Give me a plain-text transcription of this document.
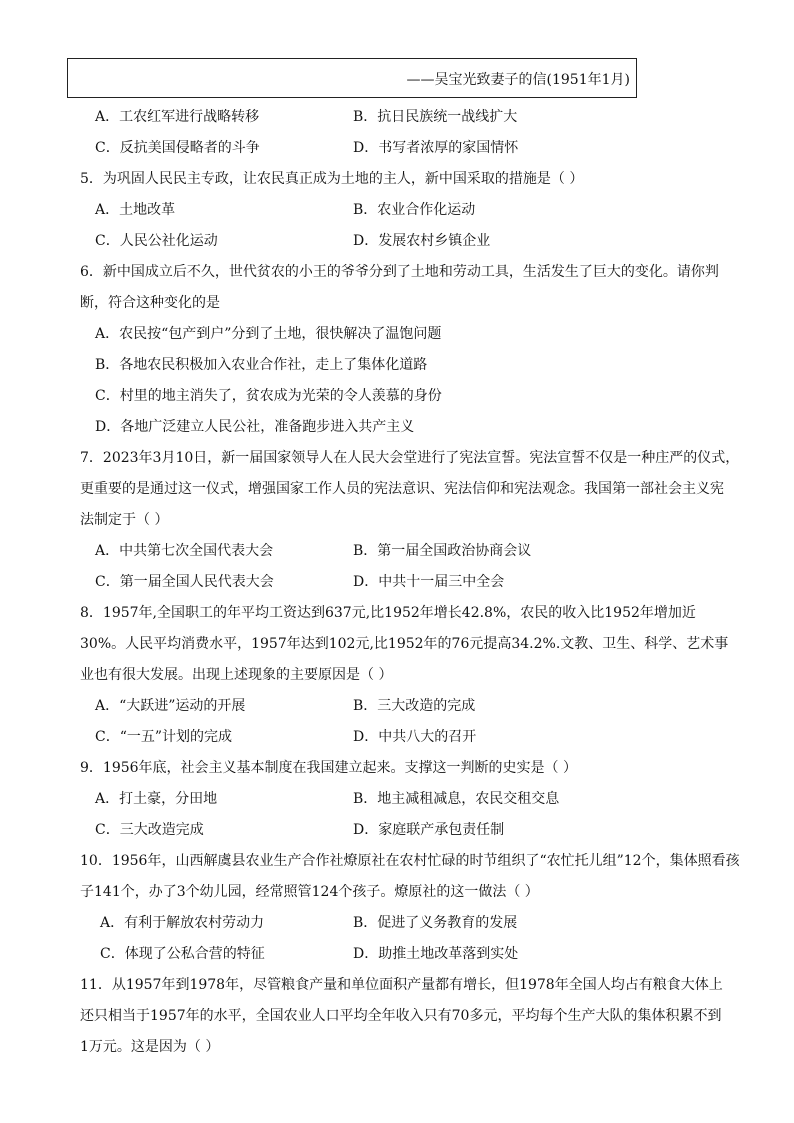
——吴宝光致妻子的信(1951年1月)
A．工农红军进行战略转移	B．抗日民族统一战线扩大
C．反抗美国侵略者的斗争	D．书写者浓厚的家国情怀
5．为巩固人民民主专政，让农民真正成为土地的主人，新中国采取的措施是（ ）
A．土地改革	B．农业合作化运动
C．人民公社化运动	D．发展农村乡镇企业
6．新中国成立后不久，世代贫农的小王的爷爷分到了土地和劳动工具，生活发生了巨大的变化。请你判
断，符合这种变化的是
A．农民按“包产到户”分到了土地，很快解决了温饱问题
B．各地农民积极加入农业合作社，走上了集体化道路
C．村里的地主消失了，贫农成为光荣的令人羡慕的身份
D．各地广泛建立人民公社，准备跑步进入共产主义
7．2023年3月10日，新一届国家领导人在人民大会堂进行了宪法宣誓。宪法宣誓不仅是一种庄严的仪式，
更重要的是通过这一仪式，增强国家工作人员的宪法意识、宪法信仰和宪法观念。我国第一部社会主义宪
法制定于（ ）
A．中共第七次全国代表大会	B．第一届全国政治协商会议
C．第一届全国人民代表大会	D．中共十一届三中全会
8．1957年,全国职工的年平均工资达到637元,比1952年增长42.8%，农民的收入比1952年增加近
30%。人民平均消费水平，1957年达到102元,比1952年的76元提高34.2%.文教、卫生、科学、艺术事
业也有很大发展。出现上述现象的主要原因是（ ）
A．“大跃进”运动的开展	B．三大改造的完成
C．“一五”计划的完成	D．中共八大的召开
9．1956年底，社会主义基本制度在我国建立起来。支撑这一判断的史实是（ ）
A．打土豪，分田地	B．地主减租减息，农民交租交息
C．三大改造完成	D．家庭联产承包责任制
10．1956年，山西解虞县农业生产合作社燎原社在农村忙碌的时节组织了“农忙托儿组”12个，集体照看孩
子141个，办了3个幼儿园，经常照管124个孩子。燎原社的这一做法（ ）
A．有利于解放农村劳动力	B．促进了义务教育的发展
C．体现了公私合营的特征	D．助推土地改革落到实处
11．从1957年到1978年，尽管粮食产量和单位面积产量都有增长，但1978年全国人均占有粮食大体上
还只相当于1957年的水平，全国农业人口平均全年收入只有70多元，平均每个生产大队的集体积累不到
1万元。这是因为（ ）
